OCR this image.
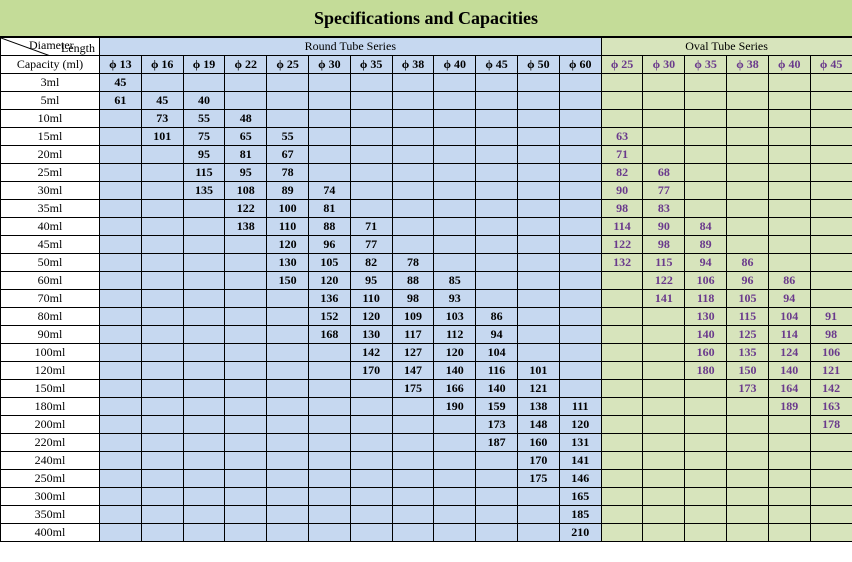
Specifications and Capacities
Length
Diameter	Round Tube Series												Oval Tube Series					
Capacity (ml)	ϕ 13	ϕ 16	ϕ 19	ϕ 22	ϕ 25	ϕ 30	ϕ 35	ϕ 38	ϕ 40	ϕ 45	ϕ 50	ϕ 60	ϕ 25	ϕ 30	ϕ 35	ϕ 38	ϕ 40	ϕ 45
3ml	45																	
5ml	61	45	40															
10ml		73	55	48														
15ml		101	75	65	55								63					
20ml			95	81	67								71					
25ml			115	95	78								82	68				
30ml			135	108	89	74							90	77				
35ml				122	100	81							98	83				
40ml				138	110	88	71						114	90	84			
45ml					120	96	77						122	98	89			
50ml					130	105	82	78					132	115	94	86		
60ml					150	120	95	88	85					122	106	96	86	
70ml						136	110	98	93					141	118	105	94	
80ml						152	120	109	103	86					130	115	104	91
90ml						168	130	117	112	94					140	125	114	98
100ml							142	127	120	104					160	135	124	106
120ml							170	147	140	116	101				180	150	140	121
150ml								175	166	140	121					173	164	142
180ml									190	159	138	111					189	163
200ml										173	148	120						178
220ml										187	160	131						
240ml											170	141						
250ml											175	146						
300ml												165						
350ml												185						
400ml												210						
